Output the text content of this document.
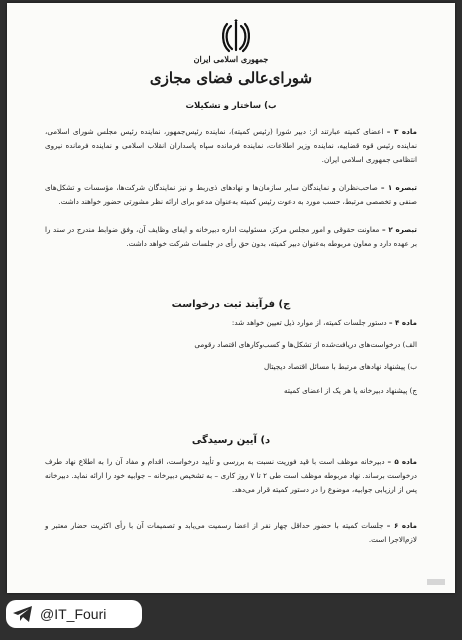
جمهوری اسلامی ایران
شورای‌عالی فضای مجازی
ب) ساختار و تشکیلات

ماده ۳ – اعضای کمیته عبارتند از: دبیر شورا (رئیس کمیته)، نماینده رئیس‌جمهور، نماینده رئیس مجلس شورای اسلامی، نماینده رئیس قوه قضاییه، نماینده وزیر اطلاعات، نماینده فرمانده سپاه پاسداران انقلاب اسلامی و نماینده فرمانده نیروی انتظامی جمهوری اسلامی ایران.

تبصره ۱ – صاحب‌نظران و نمایندگان سایر سازمان‌ها و نهادهای ذی‌ربط و نیز نمایندگان شرکت‌ها، مؤسسات و تشکل‌های صنفی و تخصصی مرتبط، حسب مورد به دعوت رئیس کمیته به‌عنوان مدعو برای ارائه نظر مشورتی حضور خواهند داشت.

تبصره ۲ – معاونت حقوقی و امور مجلس مرکز، مسئولیت اداره دبیرخانه و ایفای وظایف آن، وفق ضوابط مندرج در سند را بر عهده دارد و معاون مربوطه به‌عنوان دبیر کمیته، بدون حق رأی در جلسات شرکت خواهد داشت.

ج) فرآیند ثبت درخواست

ماده ۴ – دستور جلسات کمیته، از موارد ذیل تعیین خواهد شد:

الف) درخواست‌های دریافت‌شده از تشکل‌ها و کسب‌وکارهای اقتصاد رقومی

ب) پیشنهاد نهادهای مرتبط با مسائل اقتصاد دیجیتال

ج) پیشنهاد دبیرخانه یا هر یک از اعضای کمیته

د) آیین رسیدگی

ماده ۵ – دبیرخانه موظف است با قید فوریت نسبت به بررسی و تأیید درخواست، اقدام و مفاد آن را به اطلاع نهاد طرف درخواست برساند. نهاد مربوطه موظف است طی ۲ تا ۷ روز کاری – به تشخیص دبیرخانه – جوابیه خود را ارائه نماید. دبیرخانه پس از ارزیابی جوابیه، موضوع را در دستور کمیته قرار می‌دهد.

ماده ۶ – جلسات کمیته با حضور حداقل چهار نفر از اعضا رسمیت می‌یابد و تصمیمات آن با رأی اکثریت حضار معتبر و لازم‌الاجرا است.

@IT_Fouri
